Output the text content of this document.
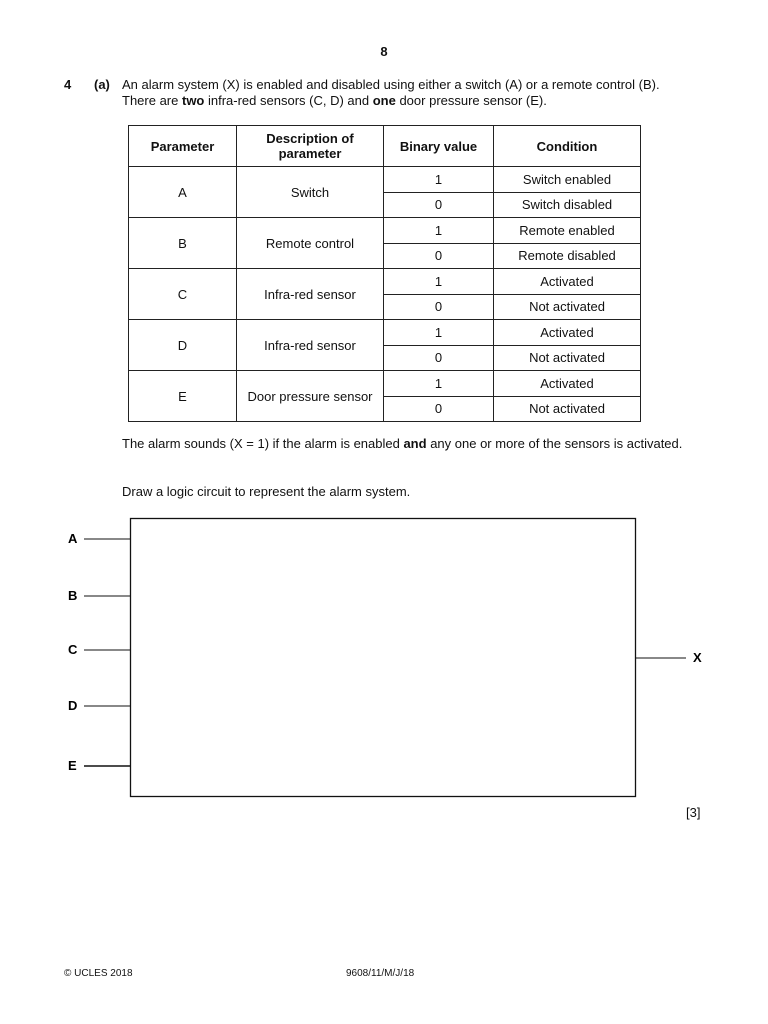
8
4 (a) An alarm system (X) is enabled and disabled using either a switch (A) or a remote control (B).
There are two infra-red sensors (C, D) and one door pressure sensor (E).
Parameter	Description of parameter	Binary value	Condition
A	Switch	1	Switch enabled
		0	Switch disabled
B	Remote control	1	Remote enabled
		0	Remote disabled
C	Infra-red sensor	1	Activated
		0	Not activated
D	Infra-red sensor	1	Activated
		0	Not activated
E	Door pressure sensor	1	Activated
		0	Not activated
The alarm sounds (X = 1) if the alarm is enabled and any one or more of the sensors is activated.
Draw a logic circuit to represent the alarm system.
A
B
C
D
E
X
[3]
© UCLES 2018	9608/11/M/J/18
